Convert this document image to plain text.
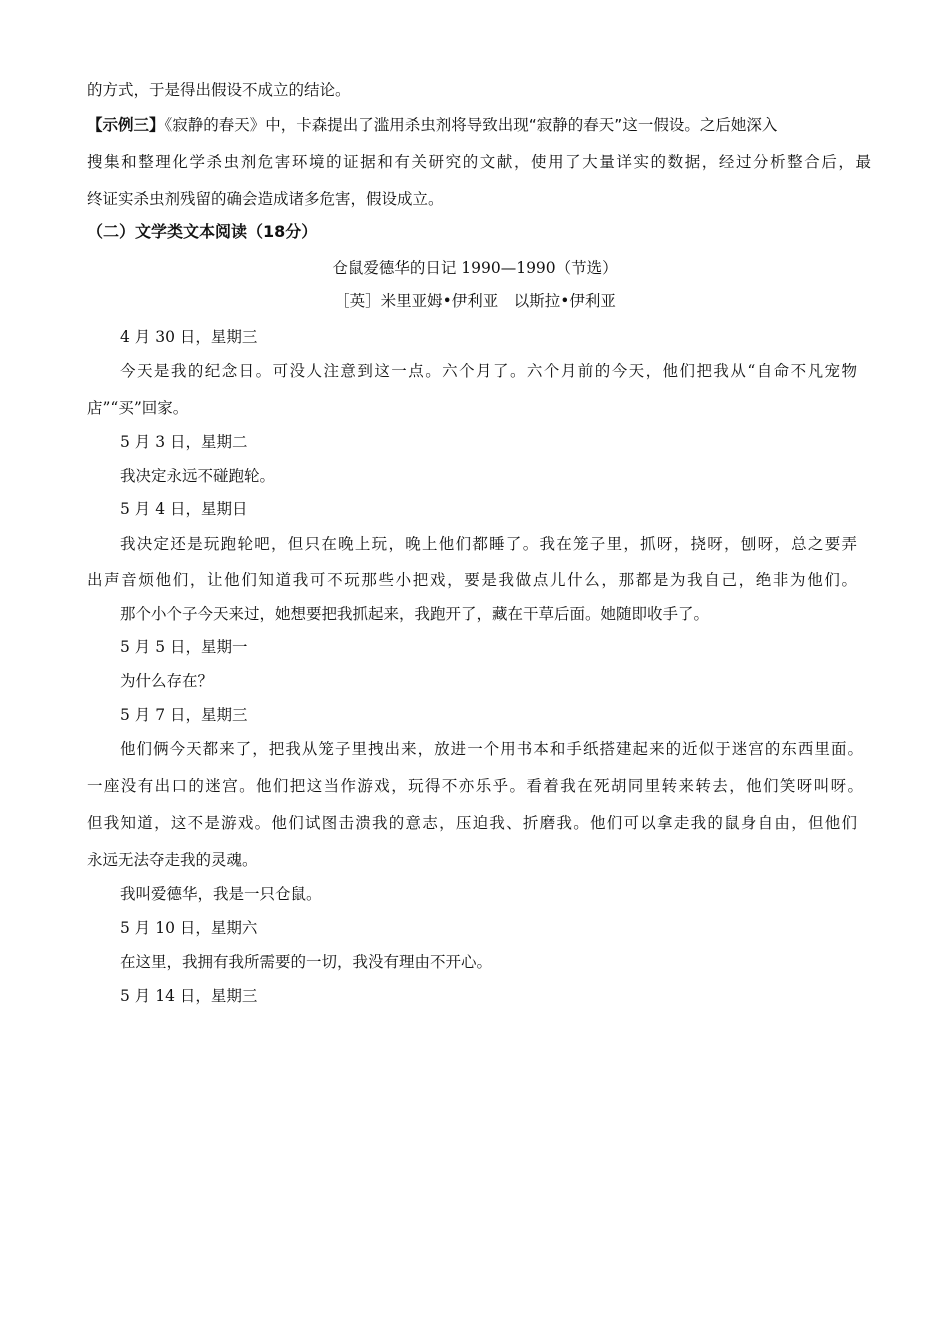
的方式，于是得出假设不成立的结论。
【示例三】《寂静的春天》中，卡森提出了滥用杀虫剂将导致出现“寂静的春天”这一假设。之后她深入
搜集和整理化学杀虫剂危害环境的证据和有关研究的文献，使用了大量详实的数据，经过分析整合后，最
终证实杀虫剂残留的确会造成诸多危害，假设成立。
（二）文学类文本阅读（18分）
仓鼠爱德华的日记 1990—1990（节选）
［英］米里亚姆•伊利亚　以斯拉•伊利亚
4 月 30 日，星期三
今天是我的纪念日。可没人注意到这一点。六个月了。六个月前的今天，他们把我从“自命不凡宠物
店”“买”回家。
5 月 3 日，星期二
我决定永远不碰跑轮。
5 月 4 日，星期日
我决定还是玩跑轮吧，但只在晚上玩，晚上他们都睡了。我在笼子里，抓呀，挠呀，刨呀，总之要弄
出声音烦他们，让他们知道我可不玩那些小把戏，要是我做点儿什么，那都是为我自己，绝非为他们。
那个小个子今天来过，她想要把我抓起来，我跑开了，藏在干草后面。她随即收手了。
5 月 5 日，星期一
为什么存在？
5 月 7 日，星期三
他们俩今天都来了，把我从笼子里拽出来，放进一个用书本和手纸搭建起来的近似于迷宫的东西里面。
一座没有出口的迷宫。他们把这当作游戏，玩得不亦乐乎。看着我在死胡同里转来转去，他们笑呀叫呀。
但我知道，这不是游戏。他们试图击溃我的意志，压迫我、折磨我。他们可以拿走我的鼠身自由，但他们
永远无法夺走我的灵魂。
我叫爱德华，我是一只仓鼠。
5 月 10 日，星期六
在这里，我拥有我所需要的一切，我没有理由不开心。
5 月 14 日，星期三
